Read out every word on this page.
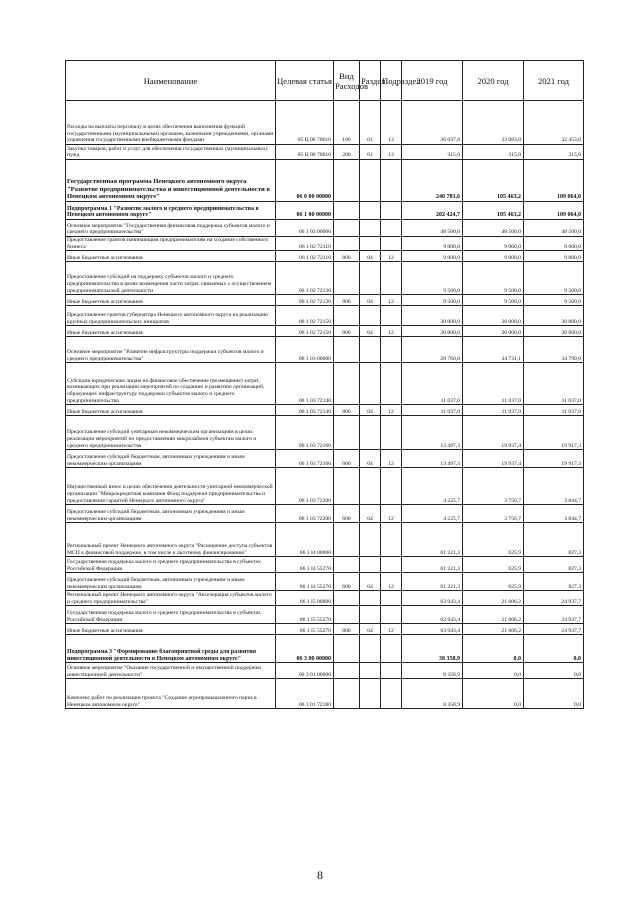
Наименование	Целевая статья	Вид Расходов	Раздел	Подраздел	2019 год	2020 год	2021 год
Расходы на выплаты персоналу в целях обеспечения выполнения функций государственными (муниципальными) органами, казенными учреждениями, органами управления государственными внебюджетными фондами	05 Ц 00 70010	100	01	13	36 037,8	33 083,0	32 453,0
Закупка товаров, работ и услуг для обеспечения государственных (муниципальных) нужд	05 Ц 00 70010	200	01	13	315,0	315,0	315,0
Государственная программа Ненецкого автономного округа "Развитие предпринимательства и инвестиционной деятельности в Ненецком автономном округе"	06 0 00 00000				240 783,6	105 463,2	109 064,0
Подпрограмма 1 "Развитие малого и среднего предпринимательства в Ненецком автономном округе"	06 1 00 00000				202 424,7	105 463,2	109 064,0
Основное мероприятие "Государственная финансовая поддержка субъектов малого и среднего предпринимательства"	06 1 02 00000				48 500,0	48 500,0	48 500,0
Предоставление грантов начинающим предпринимателям на создание собственного бизнеса	06 1 02 72110				9 000,0	9 000,0	9 000,0
Иные бюджетные ассигнования	06 1 02 72110	800	04	12	9 000,0	9 000,0	9 000,0
Предоставление субсидий на поддержку субъектов малого и среднего предпринимательства в целях возмещения части затрат, связанных с осуществлением предпринимательской деятельности	06 1 02 72130				9 500,0	9 500,0	9 500,0
Иные бюджетные ассигнования	06 1 02 72130	800	04	12	9 500,0	9 500,0	9 500,0
Предоставление грантов губернатора Ненецкого автономного округа на реализацию крупных предпринимательских инициатив	06 1 02 72150				30 000,0	30 000,0	30 000,0
Иные бюджетные ассигнования	06 1 02 72150	800	04	12	30 000,0	30 000,0	30 000,0
Основное мероприятие "Развитие инфраструктуры поддержки субъектов малого и среднего предпринимательства"	06 1 03 00000				28 760,0	34 731,1	34 799,0
Субсидии юридическим лицам на финансовое обеспечение (возмещение) затрат, возникающих при реализации мероприятий по созданию и развитию организаций, образующих инфраструктуру поддержки субъектов малого и среднего предпринимательства	06 1 03 72140				11 037,0	11 037,0	11 037,0
Иные бюджетные ассигнования	06 1 03 72140	800	04	12	11 037,0	11 037,0	11 037,0
Предоставление субсидий унитарным некоммерческим организациям в целях реализации мероприятий по предоставлению микрозаймов субъектам малого и среднего предпринимательства	06 1 03 72160				13 497,3	19 937,4	19 917,3
Предоставление субсидий бюджетным, автономным учреждениям и иным некоммерческим организациям	06 1 03 72160	600	04	12	13 497,3	19 937,4	19 917,3
Имущественный взнос в целях обеспечения деятельности унитарной некоммерческой организации "Микрокредитная компания Фонд поддержки предпринимательства и предоставления гарантий Ненецкого автономного округа"	06 1 03 72200				4 225,7	3 756,7	3 844,7
Предоставление субсидий бюджетным, автономным учреждениям и иным некоммерческим организациям	06 1 03 72200	600	04	12	4 225,7	3 756,7	3 844,7
Региональный проект Ненецкого автономного округа "Расширение доступа субъектов МСП к финансовой поддержке, в том числе к льготному финансированию"	06 1 I4 00000				61 221,3	625,9	827,3
Государственная поддержка малого и среднего предпринимательства в субъектах Российской Федерации	06 1 I4 55270				61 221,3	625,9	827,3
Предоставление субсидий бюджетным, автономным учреждениям и иным некоммерческим организациям	06 1 I4 55270	600	04	12	61 221,3	625,9	827,3
Региональный проект Ненецкого автономного округа "Акселерация субъектов малого и среднего предпринимательства"	06 1 I5 00000				63 943,4	21 606,2	24 937,7
Государственная поддержка малого и среднего предпринимательства в субъектах Российской Федерации	06 1 I5 55270				63 943,4	21 606,2	24 937,7
Иные бюджетные ассигнования	06 1 I5 55270	800	04	12	63 943,4	21 606,2	24 937,7
Подпрограмма 3 "Формирование благоприятной среды для развития инвестиционной деятельности в Ненецком автономном округе"	06 3 00 00000				38 358,9	0,0	0,0
Основное мероприятие "Оказание государственной и имущественной поддержки инвестиционной деятельности"	06 3 01 00000				8 358,9	0,0	0,0
Комплекс работ по реализации проекта "Создание агропромышленного парка в Ненецком автономном округе"	06 3 01 72180				8 358,9	0,0	0,0
8
